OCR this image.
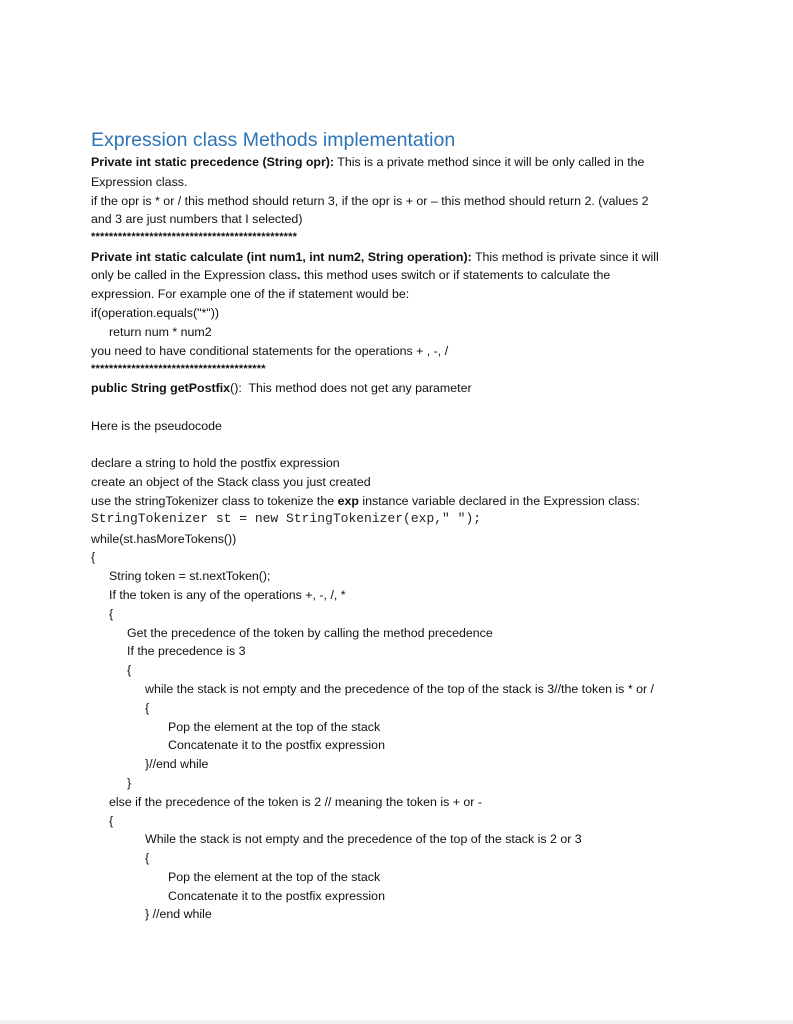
Expression class Methods implementation
Private int static precedence (String opr): This is a private method since it will be only called in the
Expression class.
if the opr is * or / this method should return 3, if the opr is + or – this method should return 2. (values 2
and 3 are just numbers that I selected)
**********************************************
Private int static calculate (int num1, int num2, String operation): This method is private since it will
only be called in the Expression class. this method uses switch or if statements to calculate the
expression. For example one of the if statement would be:
if(operation.equals("*"))
return num * num2
you need to have conditional statements for the operations + , -, /
***************************************
public String getPostfix():  This method does not get any parameter
Here is the pseudocode
declare a string to hold the postfix expression
create an object of the Stack class you just created
use the stringTokenizer class to tokenize the exp instance variable declared in the Expression class:
StringTokenizer st = new StringTokenizer(exp," ");
while(st.hasMoreTokens())
{
String token = st.nextToken();
If the token is any of the operations +, -, /, *
{
Get the precedence of the token by calling the method precedence
If the precedence is 3
{
while the stack is not empty and the precedence of the top of the stack is 3//the token is * or /
{
Pop the element at the top of the stack
Concatenate it to the postfix expression
}//end while
}
else if the precedence of the token is 2 // meaning the token is + or -
{
While the stack is not empty and the precedence of the top of the stack is 2 or 3
{
Pop the element at the top of the stack
Concatenate it to the postfix expression
} //end while
